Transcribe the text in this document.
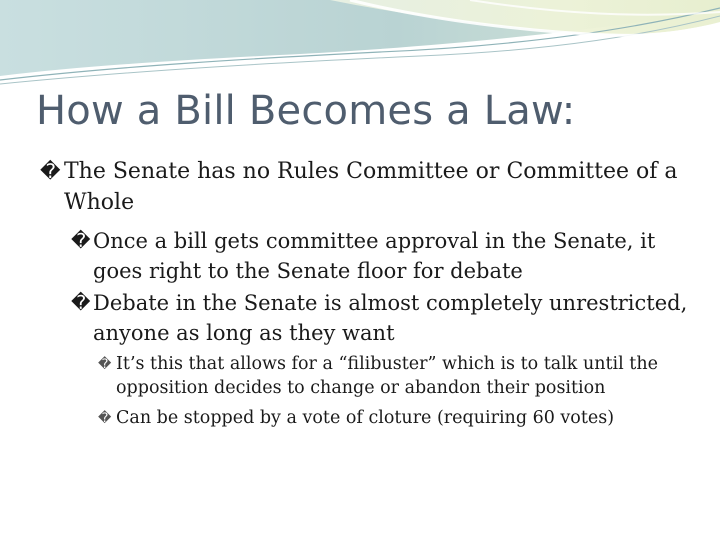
How a Bill Becomes a Law:
� The Senate has no Rules Committee or Committee of a Whole
� Once a bill gets committee approval in the Senate, it goes right to the Senate floor for debate
� Debate in the Senate is almost completely unrestricted, anyone as long as they want
� It’s this that allows for a “filibuster” which is to talk until the opposition decides to change or abandon their position
� Can be stopped by a vote of cloture (requiring 60 votes)
